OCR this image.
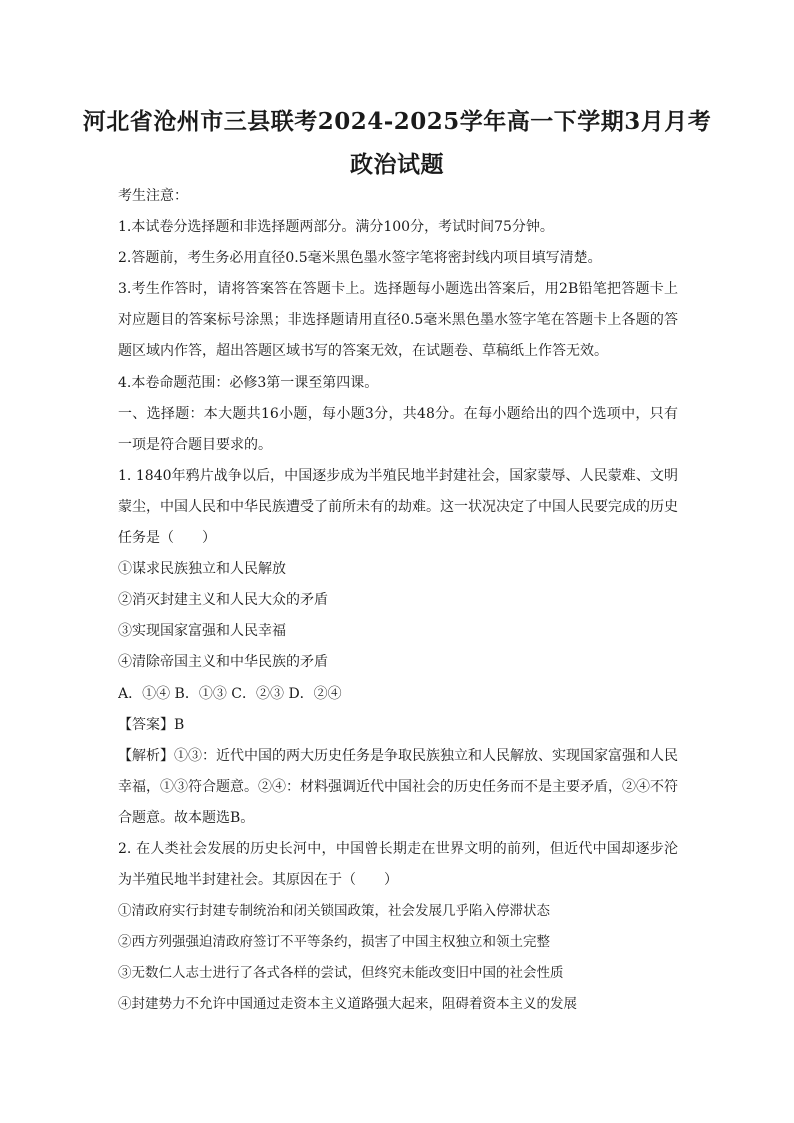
河北省沧州市三县联考2024-2025学年高一下学期3月月考
政治试题
考生注意：
1.本试卷分选择题和非选择题两部分。满分100分，考试时间75分钟。
2.答题前，考生务必用直径0.5毫米黑色墨水签字笔将密封线内项目填写清楚。
3.考生作答时，请将答案答在答题卡上。选择题每小题选出答案后，用2B铅笔把答题卡上
对应题目的答案标号涂黑；非选择题请用直径0.5毫米黑色墨水签字笔在答题卡上各题的答
题区域内作答，超出答题区域书写的答案无效，在试题卷、草稿纸上作答无效。
4.本卷命题范围：必修3第一课至第四课。
一、选择题：本大题共16小题，每小题3分，共48分。在每小题给出的四个选项中，只有
一项是符合题目要求的。
1. 1840年鸦片战争以后，中国逐步成为半殖民地半封建社会，国家蒙辱、人民蒙难、文明
蒙尘，中国人民和中华民族遭受了前所未有的劫难。这一状况决定了中国人民要完成的历史
任务是（　　）
①谋求民族独立和人民解放
②消灭封建主义和人民大众的矛盾
③实现国家富强和人民幸福
④清除帝国主义和中华民族的矛盾
A．①④ B．①③ C．②③ D．②④
【答案】B
【解析】①③：近代中国的两大历史任务是争取民族独立和人民解放、实现国家富强和人民
幸福，①③符合题意。②④：材料强调近代中国社会的历史任务而不是主要矛盾，②④不符
合题意。故本题选B。
2. 在人类社会发展的历史长河中，中国曾长期走在世界文明的前列，但近代中国却逐步沦
为半殖民地半封建社会。其原因在于（　　）
①清政府实行封建专制统治和闭关锁国政策，社会发展几乎陷入停滞状态
②西方列强强迫清政府签订不平等条约，损害了中国主权独立和领土完整
③无数仁人志士进行了各式各样的尝试，但终究未能改变旧中国的社会性质
④封建势力不允许中国通过走资本主义道路强大起来，阻碍着资本主义的发展
